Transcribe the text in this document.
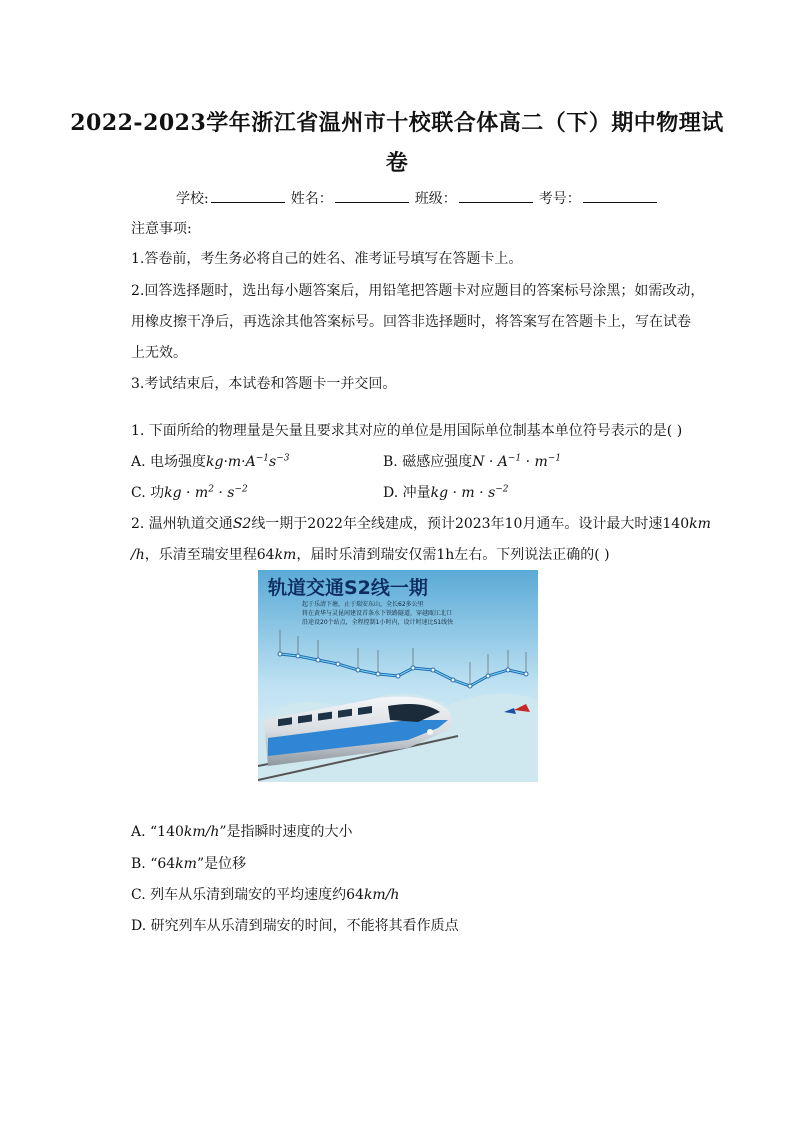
2022-2023学年浙江省温州市十校联合体高二（下）期中物理试
卷
学校:	姓名：	班级：	考号：
注意事项:
1.答卷前，考生务必将自己的姓名、准考证号填写在答题卡上。
2.回答选择题时，选出每小题答案后，用铅笔把答题卡对应题目的答案标号涂黑；如需改动，
用橡皮擦干净后，再选涂其他答案标号。回答非选择题时，将答案写在答题卡上，写在试卷
上无效。
3.考试结束后，本试卷和答题卡一并交回。
1. 下面所给的物理量是矢量且要求其对应的单位是用国际单位制基本单位符号表示的是( )
A. 电场强度$kg\cdot m\cdot A^{-1}s^{-3}$	B. 磁感应强度$N \cdot A^{-1} \cdot m^{-1}$
C. 功kg · $m^2 \cdot s^{-2}$	D. 冲量kg · $m \cdot s^{-2}$
2. 温州轨道交通S2线一期于2022年全线建成，预计2023年10月通车。设计最大时速140km
/h，乐清至瑞安里程64km，届时乐清到瑞安仅需1h左右。下列说法正确的( )
轨道交通S2线一期
起于乐清下塘，止于瑞安东山，全长62多公里
将在黄华与灵昆间建设首条水下铁路隧道，穿越瓯江北口
沿途设20个站点，全程控制1小时内，设计时速比S1线快
A. “140km/h”是指瞬时速度的大小
B. “64km”是位移
C. 列车从乐清到瑞安的平均速度约64km/h
D. 研究列车从乐清到瑞安的时间，不能将其看作质点
